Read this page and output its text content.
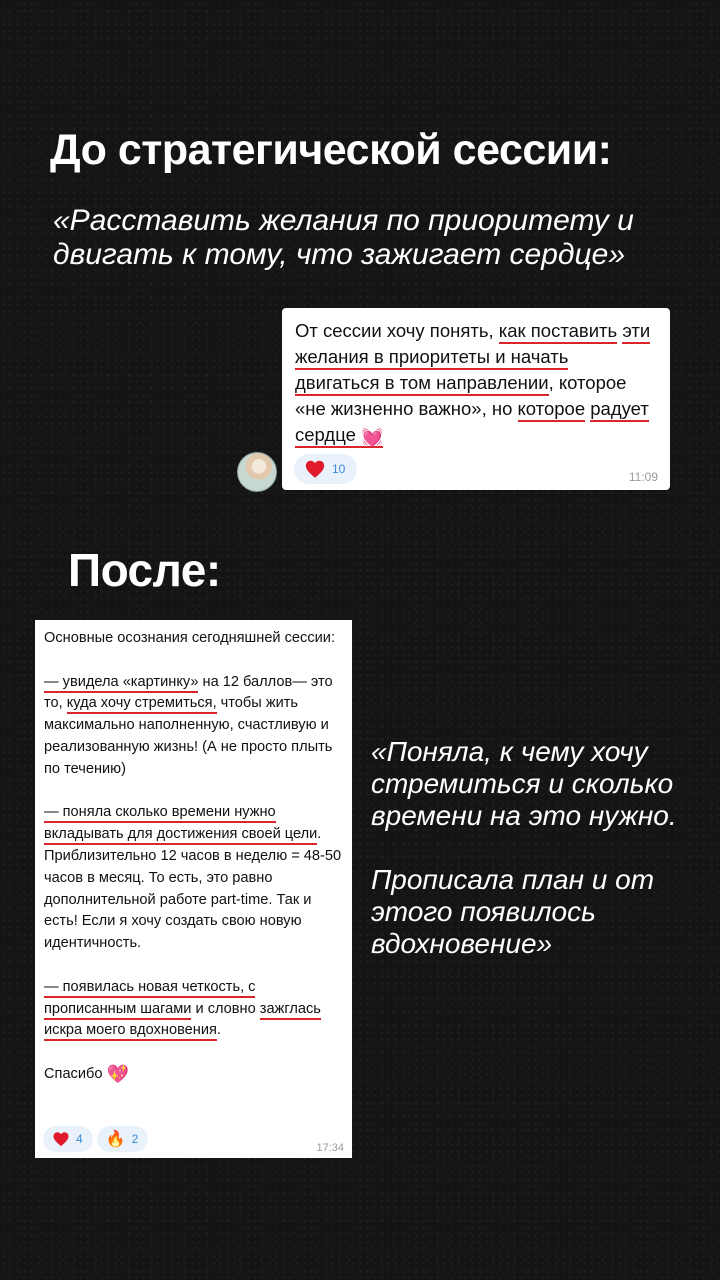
До стратегической сессии:
«Расставить желания по приоритету и двигать к тому, что зажигает сердце»
От сессии хочу понять, как поставить эти желания в приоритеты и начать двигаться в том направлении, которое «не жизненно важно», но которое радует сердце 💓
10
11:09
После:

Основные осознания сегодняшней сессии:

— увидела «картинку» на 12 баллов— это то, куда хочу стремиться, чтобы жить максимально наполненную, счастливую и реализованную жизнь! (А не просто плыть по течению)

— поняла сколько времени нужно вкладывать для достижения своей цели. Приблизительно 12 часов в неделю = 48-50 часов в месяц. То есть, это равно дополнительной работе part-time. Так и есть! Если я хочу создать свою новую идентичность.

— появилась новая четкость, с прописанным шагами и словно зажглась искра моего вдохновения.

Спасибо 💖

4 🔥 2
17:34

«Поняла, к чему хочу стремиться и сколько времени на это нужно.

Прописала план и от этого появилось вдохновение»
